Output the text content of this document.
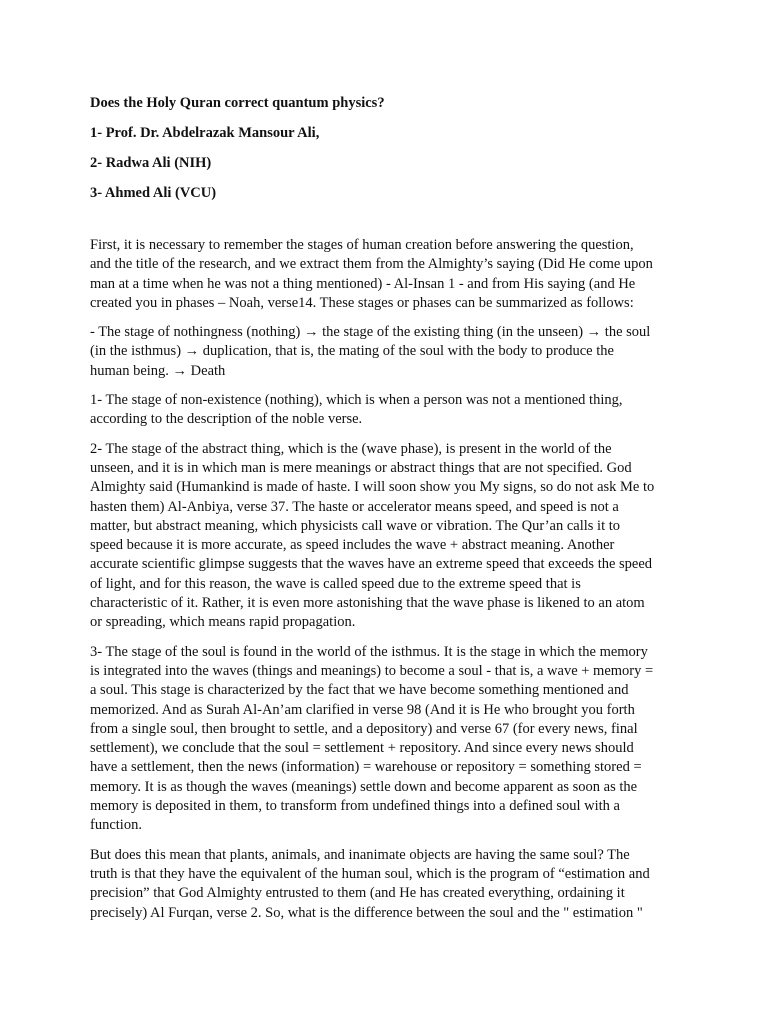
Does the Holy Quran correct quantum physics?
1- Prof. Dr. Abdelrazak Mansour Ali,
2- Radwa Ali (NIH)
3- Ahmed Ali (VCU)

First, it is necessary to remember the stages of human creation before answering the question,
and the title of the research, and we extract them from the Almighty’s saying (Did He come upon
man at a time when he was not a thing mentioned) - Al-Insan 1 - and from His saying (and He
created you in phases – Noah, verse14. These stages or phases can be summarized as follows:

- The stage of nothingness (nothing) → the stage of the existing thing (in the unseen) → the soul
(in the isthmus) → duplication, that is, the mating of the soul with the body to produce the
human being. → Death

1- The stage of non-existence (nothing), which is when a person was not a mentioned thing,
according to the description of the noble verse.

2- The stage of the abstract thing, which is the (wave phase), is present in the world of the
unseen, and it is in which man is mere meanings or abstract things that are not specified. God
Almighty said (Humankind is made of haste. I will soon show you My signs, so do not ask Me to
hasten them) Al-Anbiya, verse 37. The haste or accelerator means speed, and speed is not a
matter, but abstract meaning, which physicists call wave or vibration. The Qur’an calls it to
speed because it is more accurate, as speed includes the wave + abstract meaning. Another
accurate scientific glimpse suggests that the waves have an extreme speed that exceeds the speed
of light, and for this reason, the wave is called speed due to the extreme speed that is
characteristic of it. Rather, it is even more astonishing that the wave phase is likened to an atom
or spreading, which means rapid propagation.

3- The stage of the soul is found in the world of the isthmus. It is the stage in which the memory
is integrated into the waves (things and meanings) to become a soul - that is, a wave + memory =
a soul. This stage is characterized by the fact that we have become something mentioned and
memorized. And as Surah Al-An’am clarified in verse 98 (And it is He who brought you forth
from a single soul, then brought to settle, and a depository) and verse 67 (for every news, final
settlement), we conclude that the soul = settlement + repository. And since every news should
have a settlement, then the news (information) = warehouse or repository = something stored =
memory. It is as though the waves (meanings) settle down and become apparent as soon as the
memory is deposited in them, to transform from undefined things into a defined soul with a
function.

But does this mean that plants, animals, and inanimate objects are having the same soul? The
truth is that they have the equivalent of the human soul, which is the program of “estimation and
precision” that God Almighty entrusted to them (and He has created everything, ordaining it
precisely) Al Furqan, verse 2. So, what is the difference between the soul and the " estimation "
